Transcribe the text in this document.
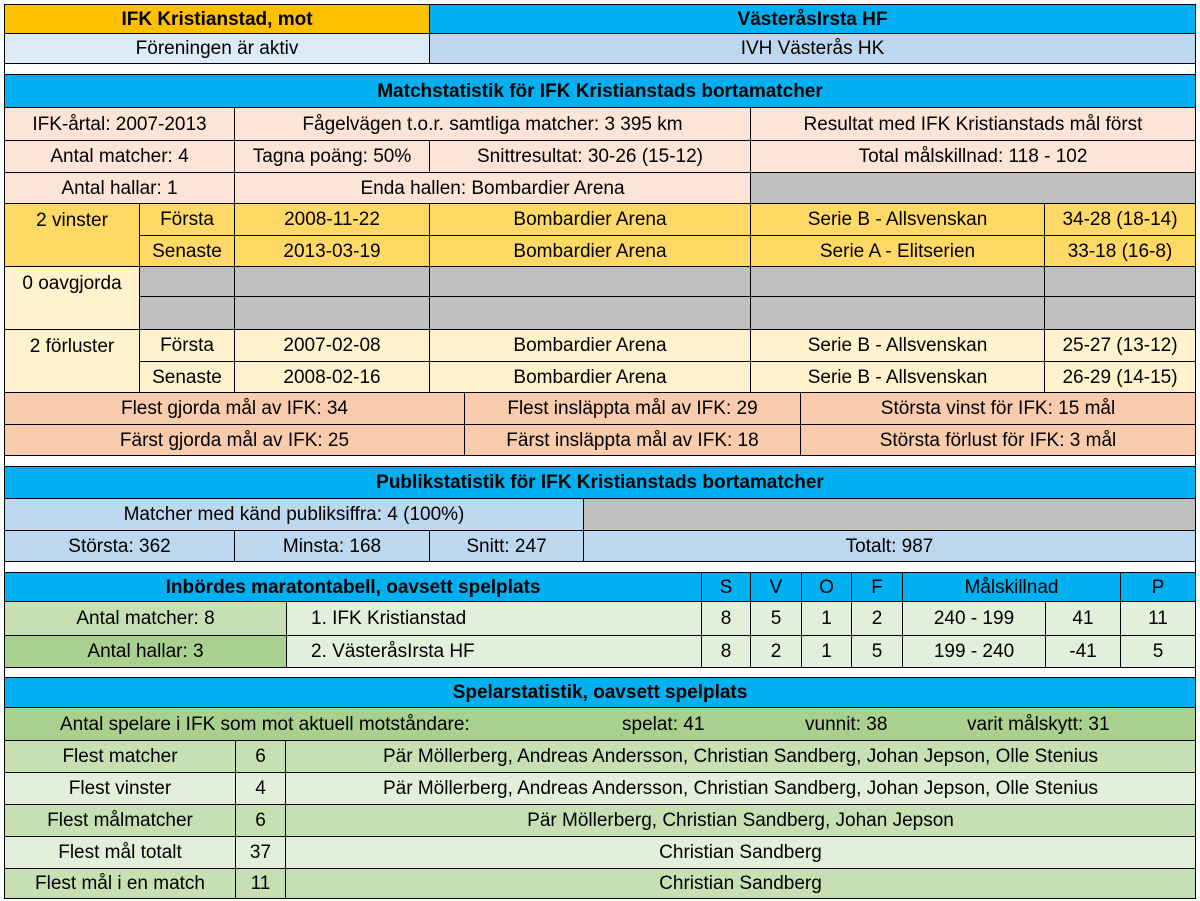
IFK Kristianstad, mot	VästeråsIrsta HF
Föreningen är aktiv	IVH Västerås HK
Matchstatistik för IFK Kristianstads bortamatcher
IFK-årtal: 2007-2013	Fågelvägen t.o.r. samtliga matcher: 3 395 km	Resultat med IFK Kristianstads mål först
Antal matcher: 4	Tagna poäng: 50%	Snittresultat: 30-26 (15-12)	Total målskillnad: 118 - 102
Antal hallar: 1	Enda hallen: Bombardier Arena
2 vinster	Första	2008-11-22	Bombardier Arena	Serie B - Allsvenskan	34-28 (18-14)
Senaste	2013-03-19	Bombardier Arena	Serie A - Elitserien	33-18 (16-8)
0 oavgjorda
2 förluster	Första	2007-02-08	Bombardier Arena	Serie B - Allsvenskan	25-27 (13-12)
Senaste	2008-02-16	Bombardier Arena	Serie B - Allsvenskan	26-29 (14-15)
Flest gjorda mål av IFK: 34	Flest insläppta mål av IFK: 29	Största vinst för IFK: 15 mål
Färst gjorda mål av IFK: 25	Färst insläppta mål av IFK: 18	Största förlust för IFK: 3 mål
Publikstatistik för IFK Kristianstads bortamatcher
Matcher med känd publiksiffra: 4 (100%)
Största: 362	Minsta: 168	Snitt: 247	Totalt: 987
Inbördes maratontabell, oavsett spelplats	S	V	O	F	Målskillnad	P
Antal matcher: 8	1. IFK Kristianstad	8	5	1	2	240 - 199	41	11
Antal hallar: 3	2. VästeråsIrsta HF	8	2	1	5	199 - 240	-41	5
Spelarstatistik, oavsett spelplats
Antal spelare i IFK som mot aktuell motståndare:	spelat: 41	vunnit: 38	varit målskytt: 31
Flest matcher	6	Pär Möllerberg, Andreas Andersson, Christian Sandberg, Johan Jepson, Olle Stenius
Flest vinster	4	Pär Möllerberg, Andreas Andersson, Christian Sandberg, Johan Jepson, Olle Stenius
Flest målmatcher	6	Pär Möllerberg, Christian Sandberg, Johan Jepson
Flest mål totalt	37	Christian Sandberg
Flest mål i en match	11	Christian Sandberg
